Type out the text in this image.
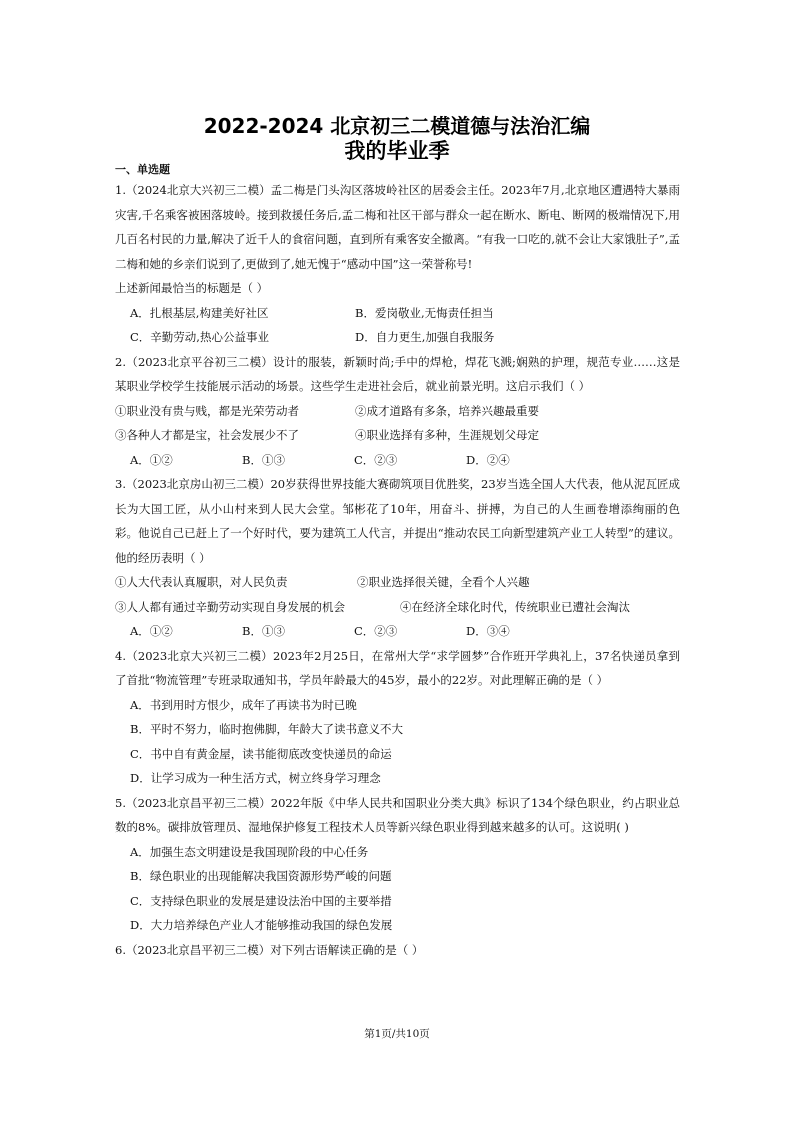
2022-2024 北京初三二模道德与法治汇编
我的毕业季
一、单选题
1.（2024北京大兴初三二模）孟二梅是门头沟区落坡岭社区的居委会主任。2023年7月,北京地区遭遇特大暴雨灾害,千名乘客被困落坡岭。接到救援任务后,孟二梅和社区干部与群众一起在断水、断电、断网的极端情况下,用几百名村民的力量,解决了近千人的食宿问题，直到所有乘客安全撤离。“有我一口吃的,就不会让大家饿肚子”,孟二梅和她的乡亲们说到了,更做到了,她无愧于“感动中国”这一荣誉称号!
上述新闻最恰当的标题是（ ）
A．扎根基层,构建美好社区	B．爱岗敬业,无悔责任担当
C．辛勤劳动,热心公益事业	D．自力更生,加强自我服务
2.（2023北京平谷初三二模）设计的服装，新颖时尚;手中的焊枪，焊花飞溅;娴熟的护理，规范专业……这是某职业学校学生技能展示活动的场景。这些学生走进社会后，就业前景光明。这启示我们（ ）
①职业没有贵与贱，都是光荣劳动者	②成才道路有多条，培养兴趣最重要
③各种人才都是宝，社会发展少不了	④职业选择有多种，生涯规划父母定
A．①②	B．①③	C．②③	D．②④
3.（2023北京房山初三二模）20岁获得世界技能大赛砌筑项目优胜奖，23岁当选全国人大代表，他从泥瓦匠成长为大国工匠，从小山村来到人民大会堂。邹彬花了10年，用奋斗、拼搏，为自己的人生画卷增添绚丽的色彩。他说自己已赶上了一个好时代，要为建筑工人代言，并提出“推动农民工向新型建筑产业工人转型”的建议。他的经历表明（ ）
①人大代表认真履职，对人民负责	②职业选择很关键，全看个人兴趣
③人人都有通过辛勤劳动实现自身发展的机会	④在经济全球化时代，传统职业已遭社会淘汰
A．①②	B．①③	C．②③	D．③④
4.（2023北京大兴初三二模）2023年2月25日，在常州大学“求学圆梦”合作班开学典礼上，37名快递员拿到了首批“物流管理”专班录取通知书，学员年龄最大的45岁，最小的22岁。对此理解正确的是（ ）
A．书到用时方恨少，成年了再读书为时已晚
B．平时不努力，临时抱佛脚，年龄大了读书意义不大
C．书中自有黄金屋，读书能彻底改变快递员的命运
D．让学习成为一种生活方式，树立终身学习理念
5.（2023北京昌平初三二模）2022年版《中华人民共和国职业分类大典》标识了134个绿色职业，约占职业总数的8%。碳排放管理员、湿地保护修复工程技术人员等新兴绿色职业得到越来越多的认可。这说明( )
A．加强生态文明建设是我国现阶段的中心任务
B．绿色职业的出现能解决我国资源形势严峻的问题
C．支持绿色职业的发展是建设法治中国的主要举措
D．大力培养绿色产业人才能够推动我国的绿色发展
6.（2023北京昌平初三二模）对下列古语解读正确的是（ ）
第1页/共10页
